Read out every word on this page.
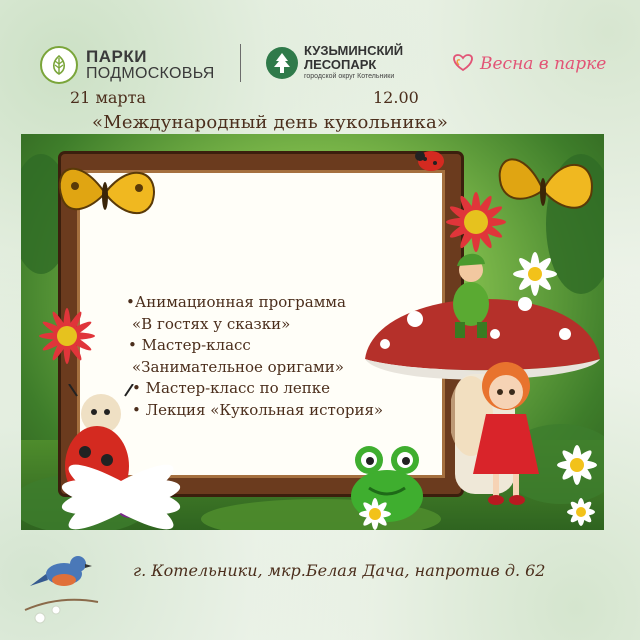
ПАРКИ
ПОДМОСКОВЬЯ
КУЗЬМИНСКИЙ
ЛЕСОПАРК
городской округ Котельники
Весна в парке
21 марта	12.00
«Международный день кукольника»
•Анимационная программа
«В гостях у сказки»
• Мастер-класс
«Занимательное оригами»
• Мастер-класс по лепке
• Лекция «Кукольная история»
г. Котельники, мкр.Белая Дача, напротив д. 62
